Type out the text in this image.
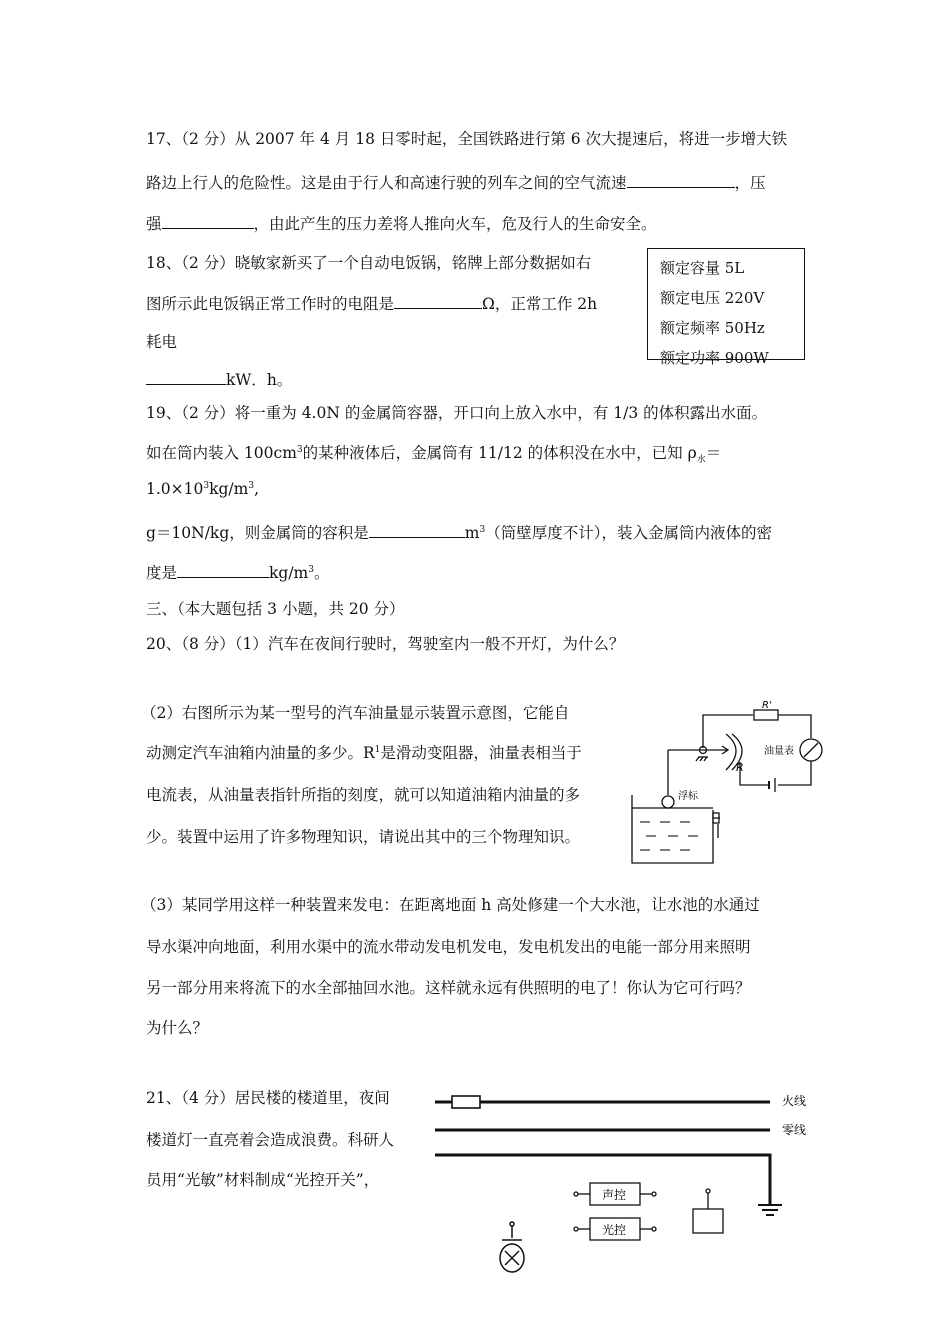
17、（2 分）从 2007 年 4 月 18 日零时起，全国铁路进行第 6 次大提速后，将进一步增大铁
路边上行人的危险性。这是由于行人和高速行驶的列车之间的空气流速	，压
强	，由此产生的压力差将人推向火车，危及行人的生命安全。
18、（2 分）晓敏家新买了一个自动电饭锅，铭牌上部分数据如右
图所示此电饭锅正常工作时的电阻是	Ω，正常工作 2h
耗电
kW．h。
额定容量 5L
额定电压 220V
额定频率 50Hz
额定功率 900W
19、（2 分）将一重为 4.0N 的金属筒容器，开口向上放入水中，有 1/3 的体积露出水面。
如在筒内装入 $100cm^3$的某种液体后，金属筒有 11/12 的体积没在水中，已知 $\rho_水=$
$1.0\times 10^3kg/m^3$,
g＝10N/kg，则金属筒的容积是	$m^3$（筒壁厚度不计），装入金属筒内液体的密
度是	$kg/m^3$。
三、（本大题包括 3 小题，共 20 分）
20、（8 分）（1）汽车在夜间行驶时，驾驶室内一般不开灯，为什么？
（2）右图所示为某一型号的汽车油量显示装置示意图，它能自
动测定汽车油箱内油量的多少。$R^1$是滑动变阻器，油量表相当于
电流表，从油量表指针所指的刻度，就可以知道油箱内油量的多
少。装置中运用了许多物理知识，请说出其中的三个物理知识。
R'
R
油量表
浮标
（3）某同学用这样一种装置来发电：在距离地面 h 高处修建一个大水池，让水池的水通过
导水渠冲向地面，利用水渠中的流水带动发电机发电，发电机发出的电能一部分用来照明
另一部分用来将流下的水全部抽回水池。这样就永远有供照明的电了！你认为它可行吗？
为什么？
21、（4 分）居民楼的楼道里，夜间
楼道灯一直亮着会造成浪费。科研人
员用“光敏”材料制成“光控开关”，
火线
零线
声控
光控
